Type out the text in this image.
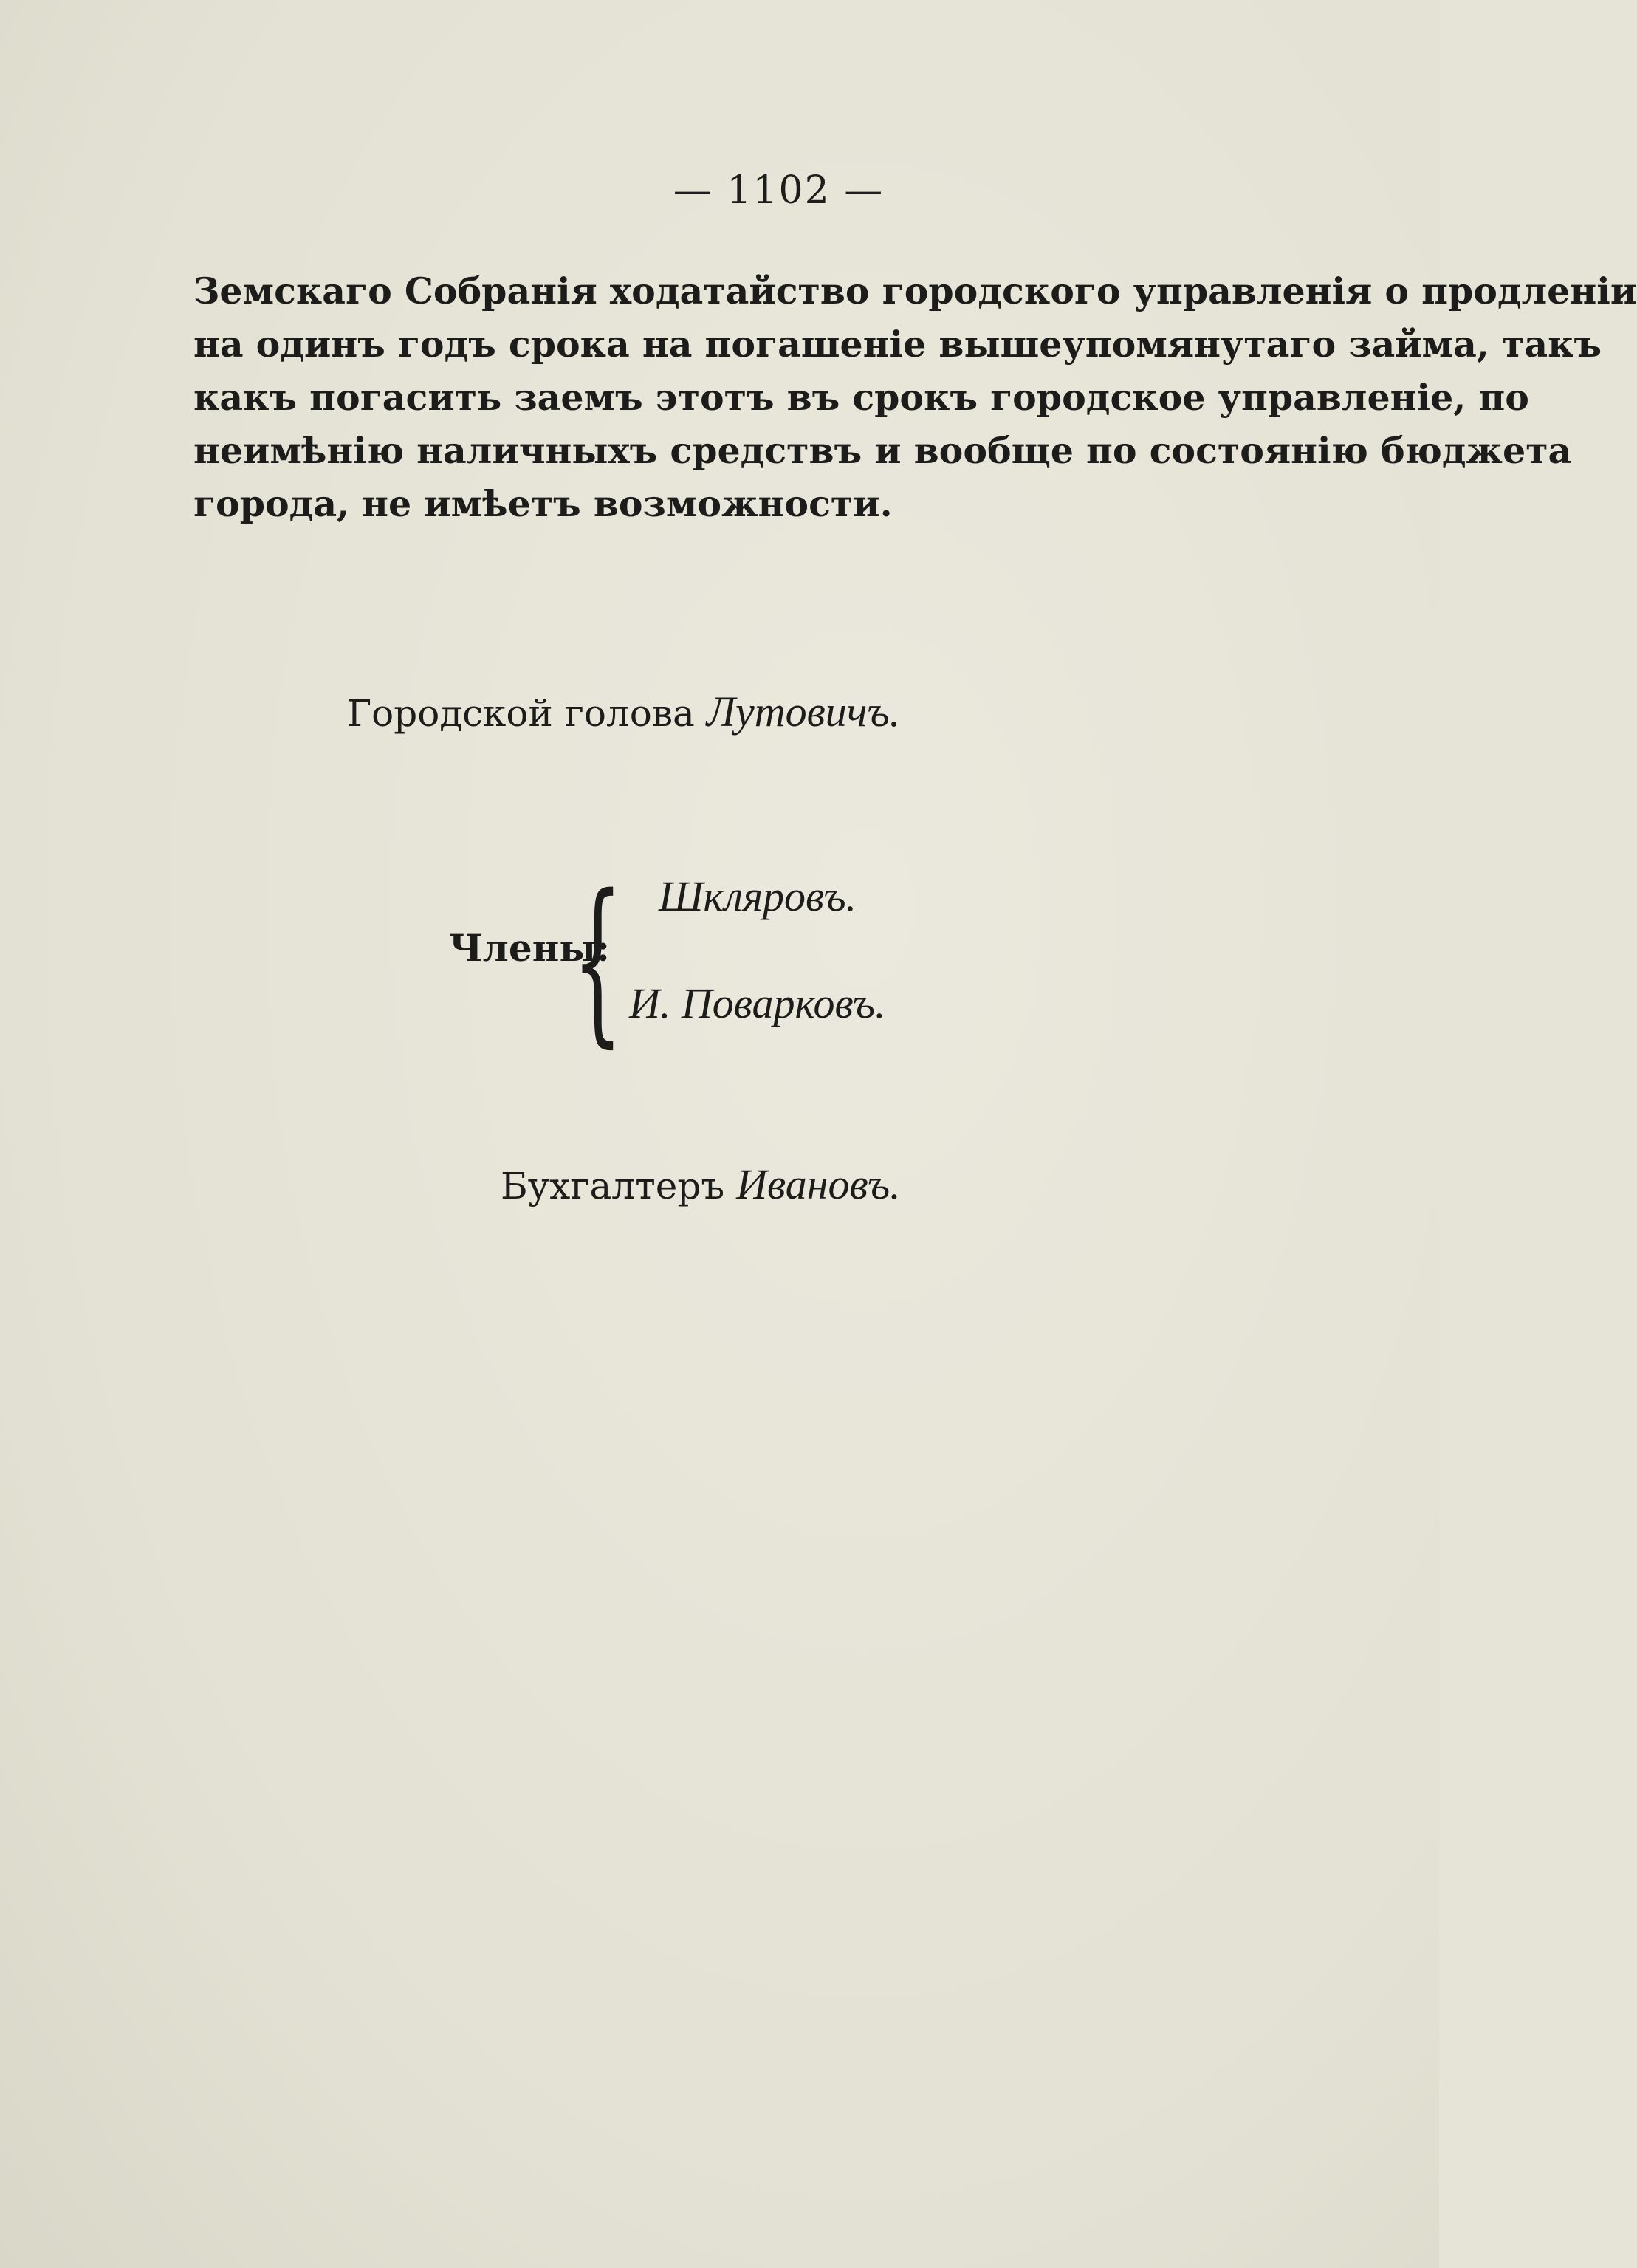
— 1102 —
Земскаго Собранія ходатайство городского управленія о продленіи
на одинъ годъ срока на погашеніе вышеупомянутаго займа, такъ
какъ погасить заемъ этотъ въ срокъ городское управленіе, по
неимѣнію наличныхъ средствъ и вообще по состоянію бюджета
города, не имѣетъ возможности.
Городской голова Лутовичъ.
Члены:
{ Шкляровъ.
И. Поварковъ.
Бухгалтеръ Ивановъ.
